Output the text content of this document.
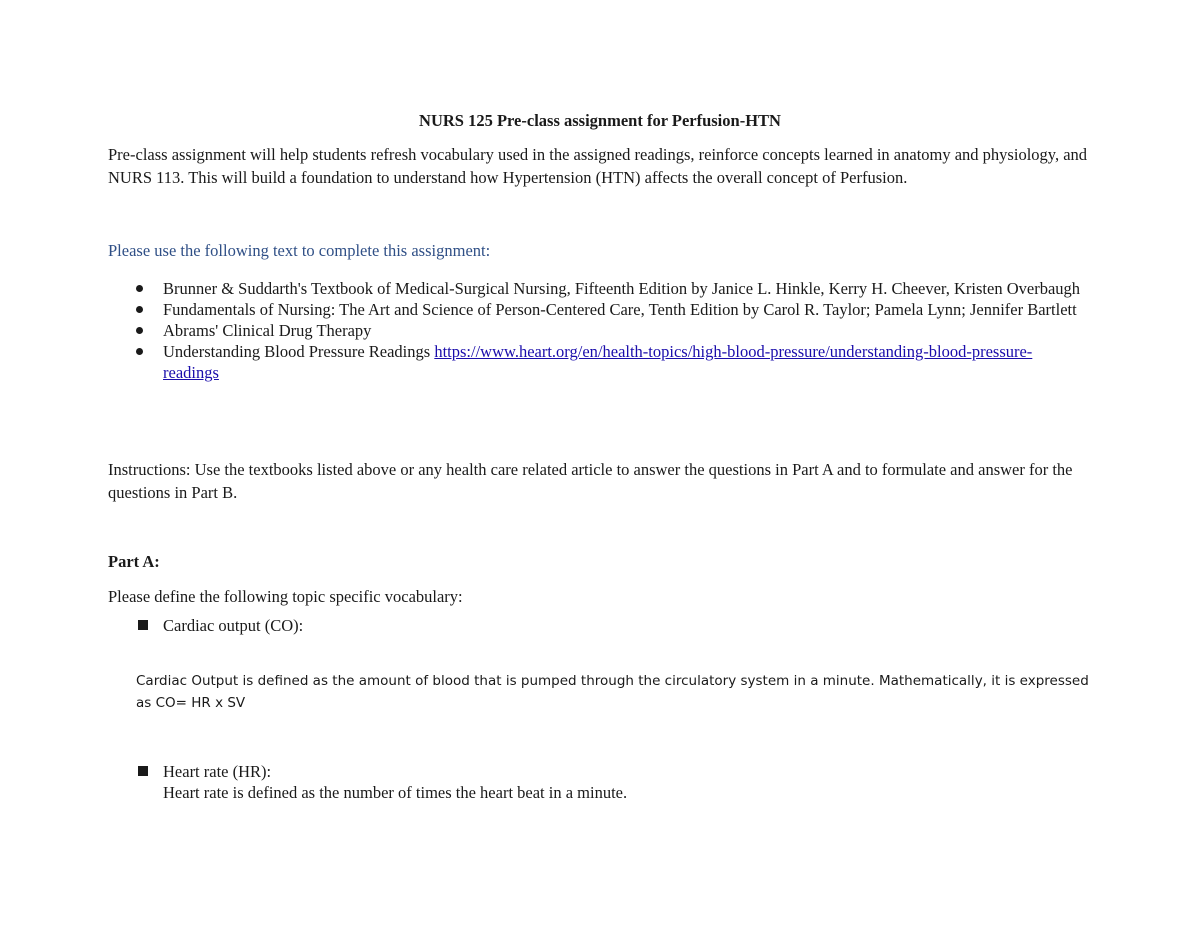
NURS 125 Pre-class assignment for Perfusion-HTN
Pre-class assignment will help students refresh vocabulary used in the assigned readings, reinforce concepts learned in anatomy and physiology, and NURS 113. This will build a foundation to understand how Hypertension (HTN) affects the overall concept of Perfusion.
Please use the following text to complete this assignment:
Brunner & Suddarth's Textbook of Medical-Surgical Nursing, Fifteenth Edition by Janice L. Hinkle, Kerry H. Cheever, Kristen Overbaugh
Fundamentals of Nursing: The Art and Science of Person-Centered Care, Tenth Edition by Carol R. Taylor; Pamela Lynn; Jennifer Bartlett
Abrams' Clinical Drug Therapy
Understanding Blood Pressure Readings https://www.heart.org/en/health-topics/high-blood-pressure/understanding-blood-pressure-readings
Instructions: Use the textbooks listed above or any health care related article to answer the questions in Part A and to formulate and answer for the questions in Part B.
Part A:
Please define the following topic specific vocabulary:
Cardiac output (CO):
Cardiac Output is defined as the amount of blood that is pumped through the circulatory system in a minute. Mathematically, it is expressed as CO= HR x SV
Heart rate (HR):
Heart rate is defined as the number of times the heart beat in a minute.
